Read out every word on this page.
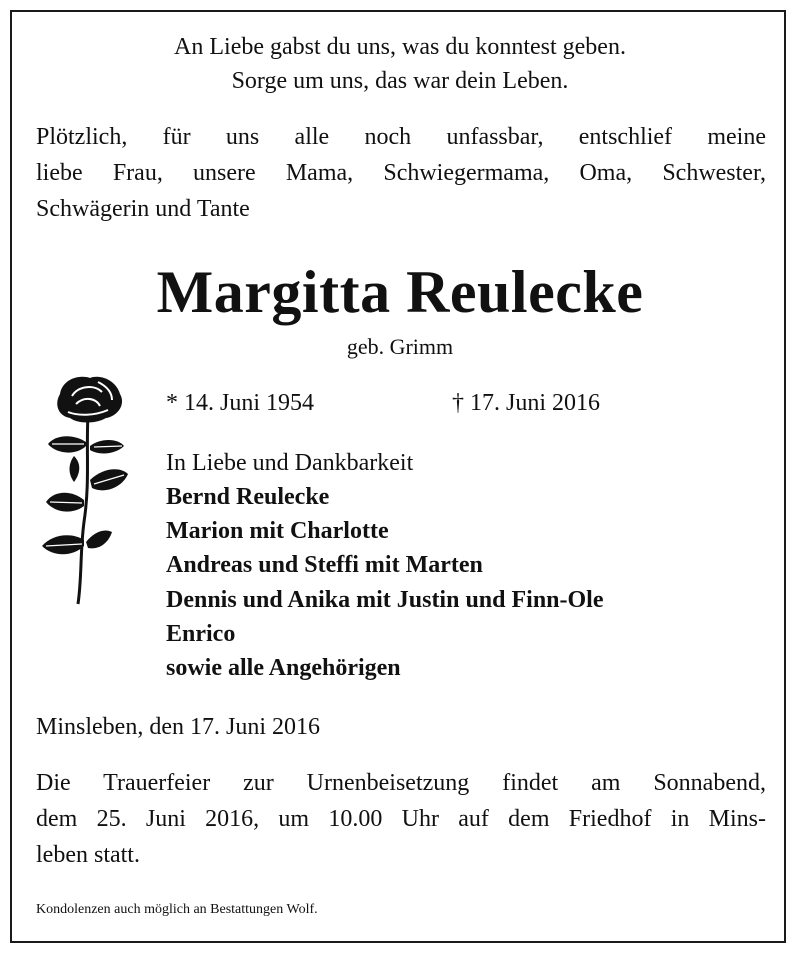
An Liebe gabst du uns, was du konntest geben.

Sorge um uns, das war dein Leben.

Plötzlich, für uns alle noch unfassbar, entschlief meine

liebe Frau, unsere Mama, Schwiegermama, Oma, Schwester,

Schwägerin und Tante

Margitta Reulecke

geb. Grimm

* 14. Juni 1954	† 17. Juni 2016

In Liebe und Dankbarkeit

Bernd Reulecke

Marion mit Charlotte

Andreas und Steffi mit Marten

Dennis und Anika mit Justin und Finn-Ole

Enrico

sowie alle Angehörigen

Minsleben, den 17. Juni 2016

Die Trauerfeier zur Urnenbeisetzung findet am Sonnabend,

dem 25. Juni 2016, um 10.00 Uhr auf dem Friedhof in Mins-

leben statt.

Kondolenzen auch möglich an Bestattungen Wolf.
